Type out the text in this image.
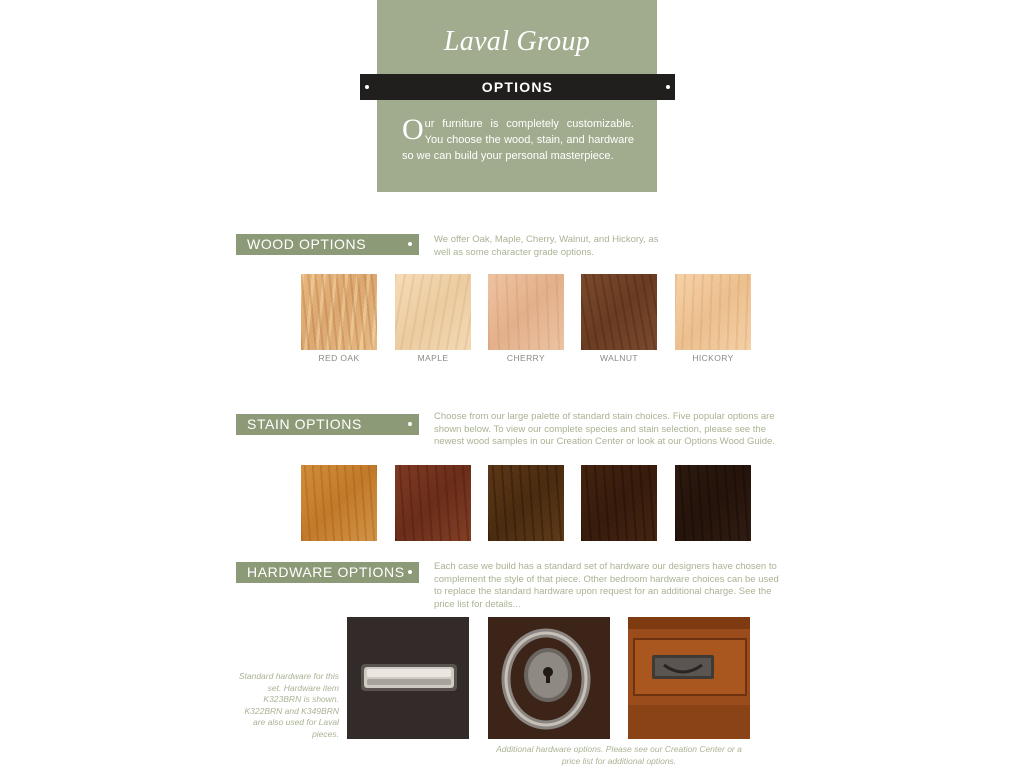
Laval Group
OPTIONS
Our furniture is completely customizable. You choose the wood, stain, and hardware so we can build your personal masterpiece.
WOOD OPTIONS	We offer Oak, Maple, Cherry, Walnut, and Hickory, as well as some character grade options.
RED OAK	MAPLE	CHERRY	WALNUT	HICKORY
STAIN OPTIONS	Choose from our large palette of standard stain choices. Five popular options are shown below. To view our complete species and stain selection, please see the newest wood samples in our Creation Center or look at our Options Wood Guide.
HARDWARE OPTIONS	Each case we build has a standard set of hardware our designers have chosen to complement the style of that piece. Other bedroom hardware choices can be used to replace the standard hardware upon request for an additional charge. See the price list for details...
Standard hardware for this set. Hardware item K323BRN is shown. K322BRN and K349BRN are also used for Laval pieces.
Additional hardware options. Please see our Creation Center or a price list for additional options.
